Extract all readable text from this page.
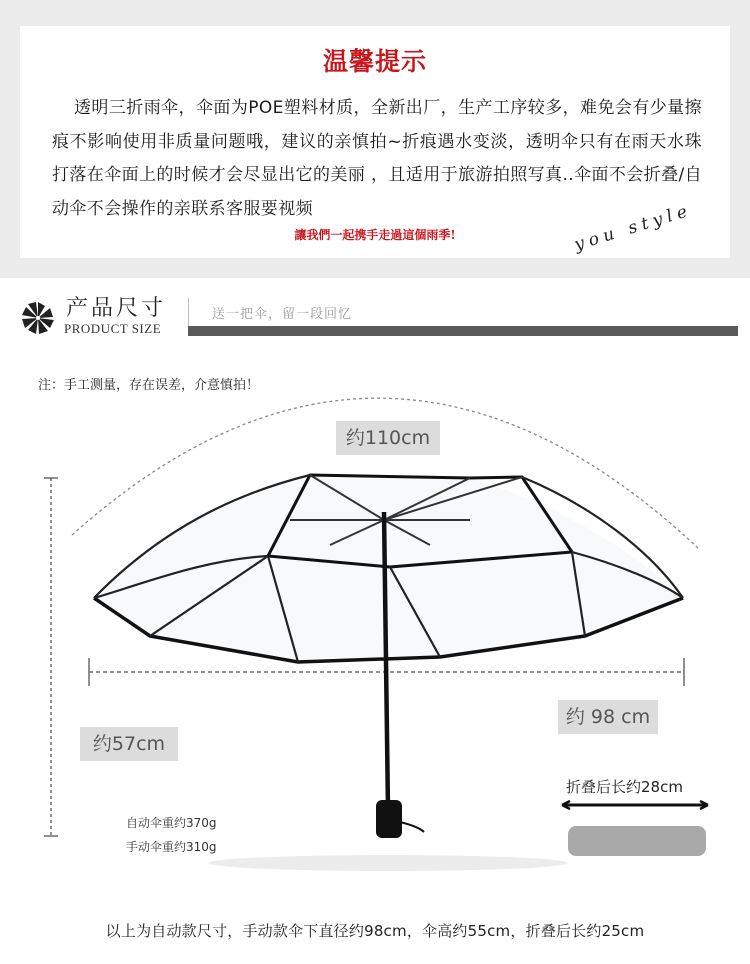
温馨提示
透明三折雨伞，伞面为POE塑料材质，全新出厂，生产工序较多，难免会有少量擦痕不影响使用非质量问题哦，建议的亲慎拍~折痕遇水变淡，透明伞只有在雨天水珠打落在伞面上的时候才会尽显出它的美丽 ，且适用于旅游拍照写真..伞面不会折叠/自动伞不会操作的亲联系客服要视频
讓我們一起携手走過這個雨季!	you style
产品尺寸
PRODUCT SIZE
送一把伞，留一段回忆
注：手工测量，存在误差，介意慎拍！
约110cm
约 98 cm
约57cm
折叠后长约28cm
自动伞重约370g
手动伞重约310g
以上为自动款尺寸，手动款伞下直径约98cm，伞高约55cm，折叠后长约25cm
